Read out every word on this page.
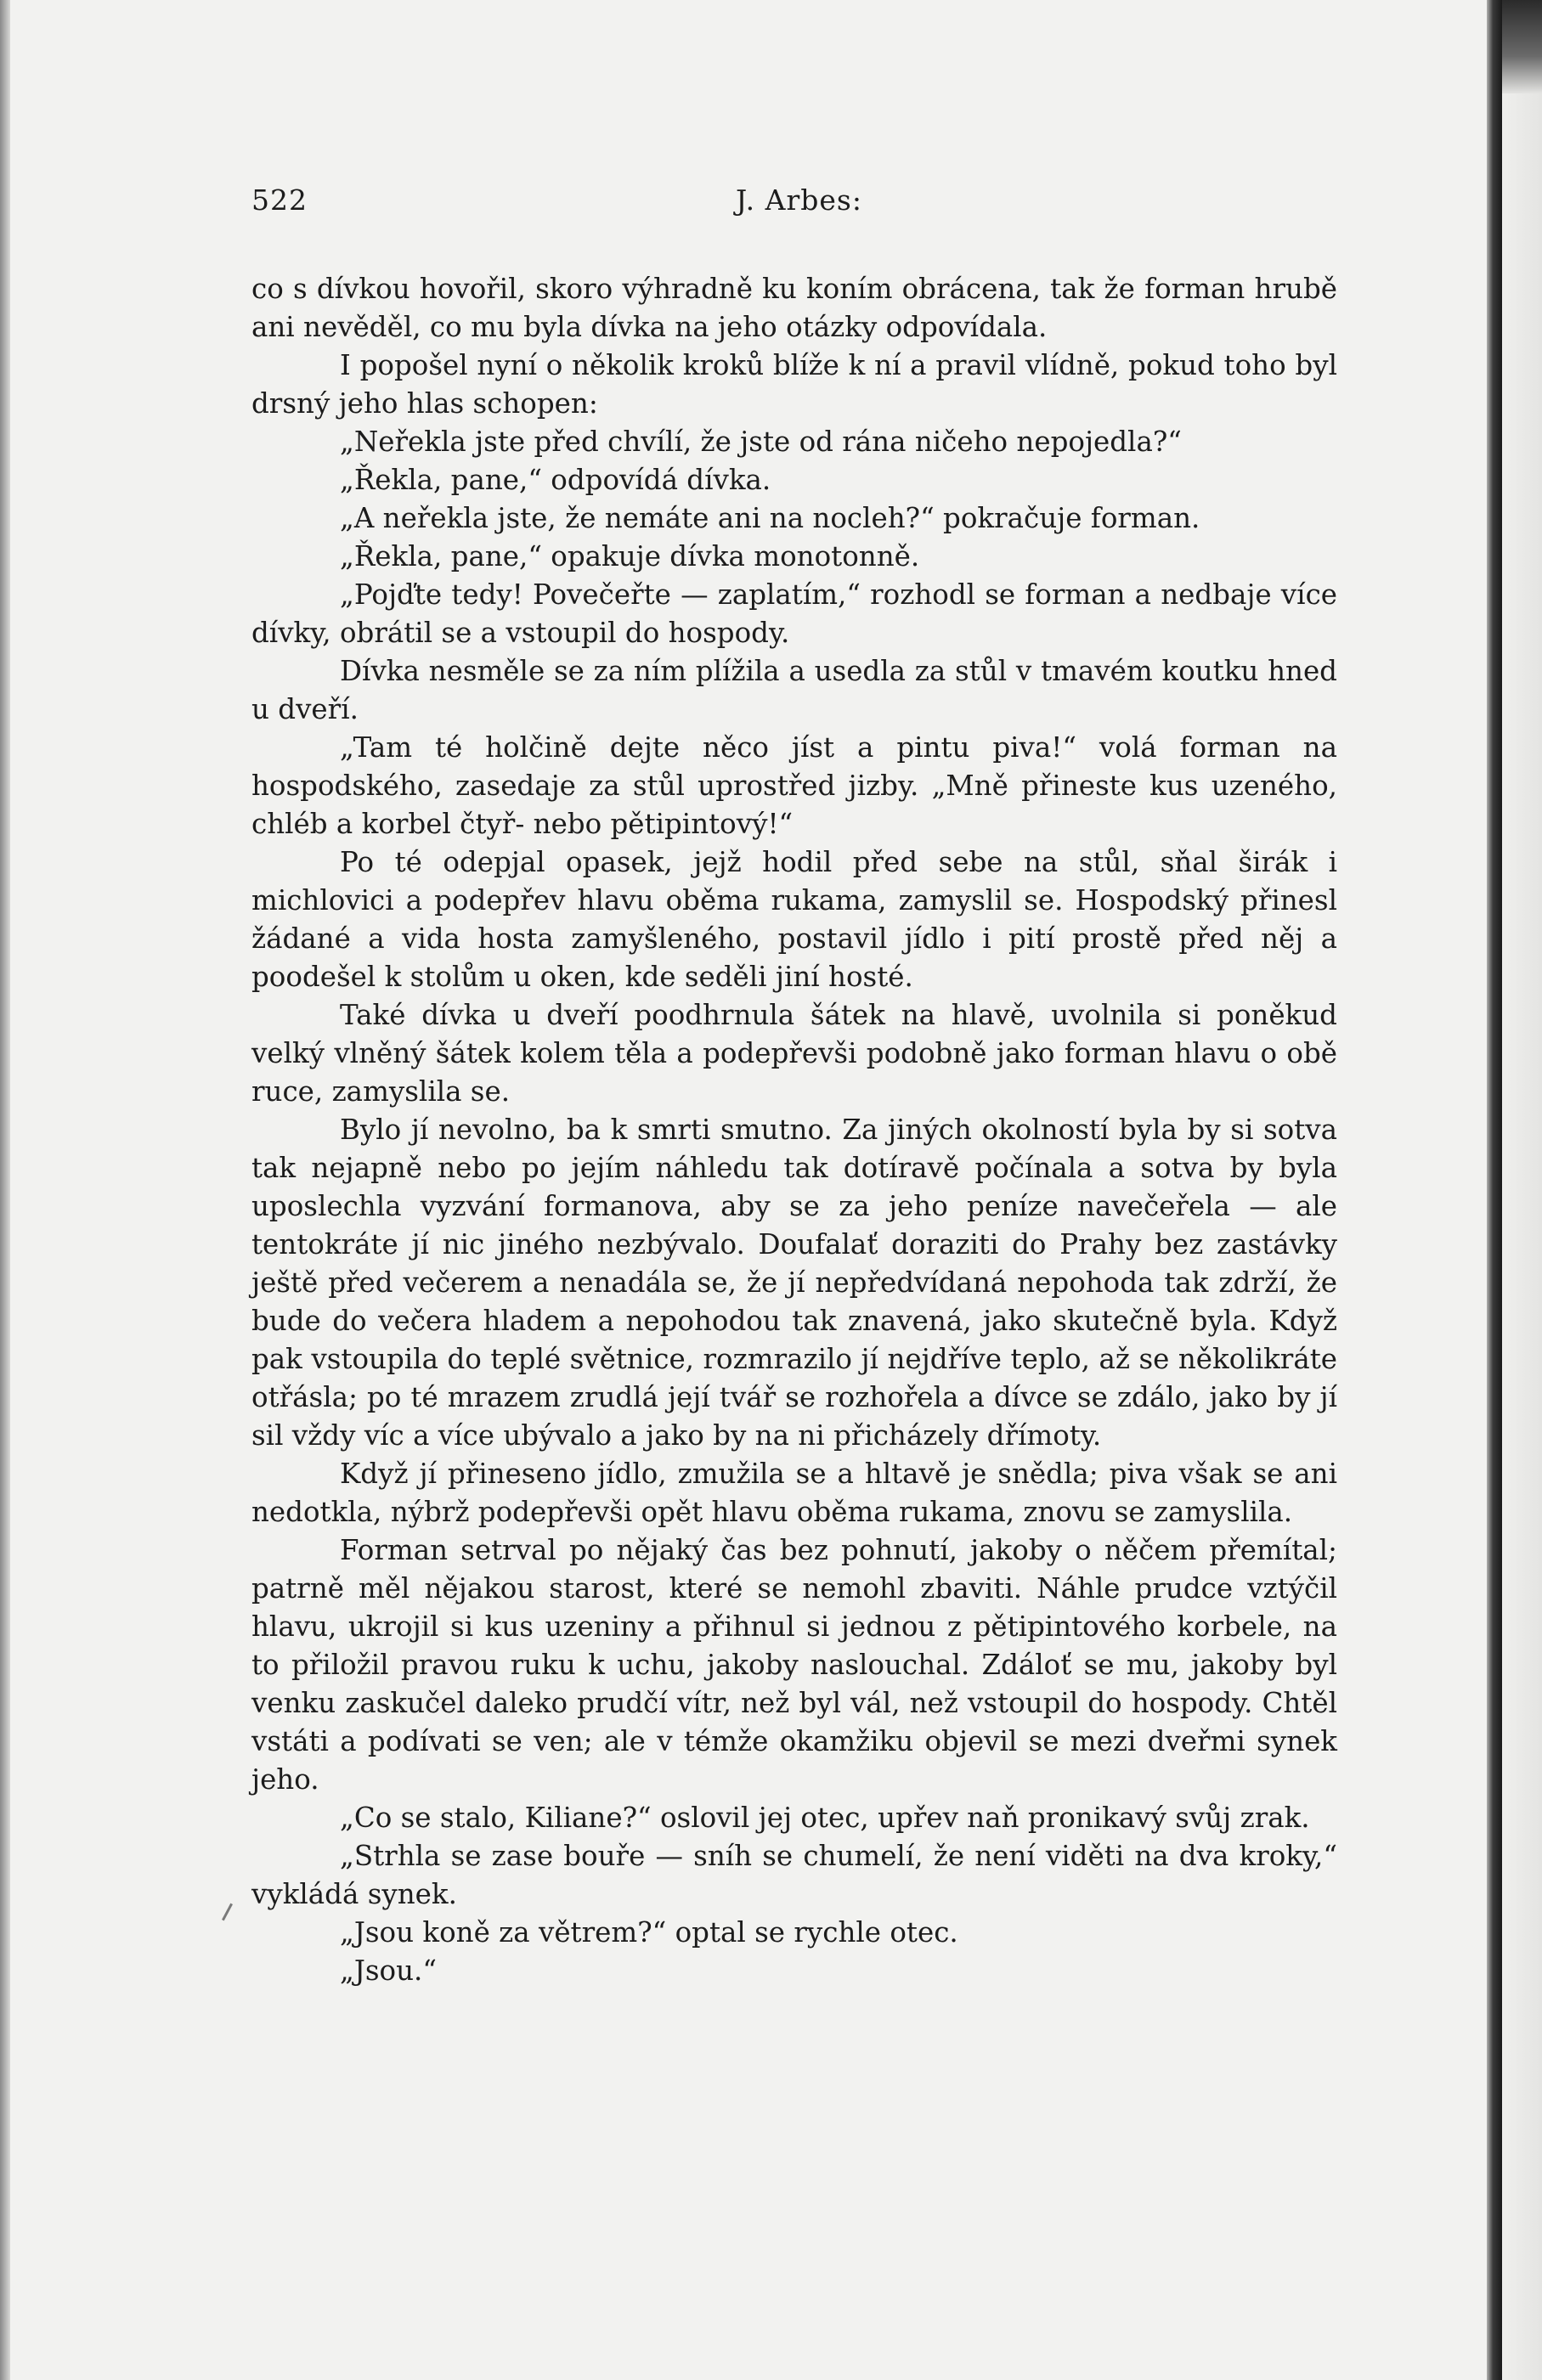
522	J. Arbes:

co s dívkou hovořil, skoro výhradně ku koním obrácena, tak že forman hrubě ani nevěděl, co mu byla dívka na jeho otázky odpovídala.

I popošel nyní o několik kroků blíže k ní a pravil vlídně, pokud toho byl drsný jeho hlas schopen:

„Neřekla jste před chvílí, že jste od rána ničeho nepojedla?“

„Řekla, pane,“ odpovídá dívka.

„A neřekla jste, že nemáte ani na nocleh?“ pokračuje forman.

„Řekla, pane,“ opakuje dívka monotonně.

„Pojďte tedy! Povečeřte — zaplatím,“ rozhodl se forman a nedbaje více dívky, obrátil se a vstoupil do hospody.

Dívka nesměle se za ním plížila a usedla za stůl v tmavém koutku hned u dveří.

„Tam té holčině dejte něco jíst a pintu piva!“ volá forman na hospodského, zasedaje za stůl uprostřed jizby. „Mně přineste kus uzeného, chléb a korbel čtyř- nebo pětipintový!“

Po té odepjal opasek, jejž hodil před sebe na stůl, sňal širák i michlovici a podepřev hlavu oběma rukama, zamyslil se. Hospodský přinesl žádané a vida hosta zamyšleného, postavil jídlo i pití prostě před něj a poodešel k stolům u oken, kde seděli jiní hosté.

Také dívka u dveří poodhrnula šátek na hlavě, uvolnila si poněkud velký vlněný šátek kolem těla a podepřevši podobně jako forman hlavu o obě ruce, zamyslila se.

Bylo jí nevolno, ba k smrti smutno. Za jiných okolností byla by si sotva tak nejapně nebo po jejím náhledu tak dotíravě počínala a sotva by byla uposlechla vyzvání formanova, aby se za jeho peníze navečeřela — ale tentokráte jí nic jiného nezbývalo. Doufalať doraziti do Prahy bez zastávky ještě před večerem a nenadála se, že jí nepředvídaná nepohoda tak zdrží, že bude do večera hladem a nepohodou tak znavená, jako skutečně byla. Když pak vstoupila do teplé světnice, rozmrazilo jí nejdříve teplo, až se několikráte otřásla; po té mrazem zrudlá její tvář se rozhořela a dívce se zdálo, jako by jí sil vždy víc a více ubývalo a jako by na ni přicházely dřímoty.

Když jí přineseno jídlo, zmužila se a hltavě je snědla; piva však se ani nedotkla, nýbrž podepřevši opět hlavu oběma rukama, znovu se zamyslila.

Forman setrval po nějaký čas bez pohnutí, jakoby o něčem přemítal; patrně měl nějakou starost, které se nemohl zbaviti. Náhle prudce vztýčil hlavu, ukrojil si kus uzeniny a přihnul si jednou z pětipintového korbele, na to přiložil pravou ruku k uchu, jakoby naslouchal. Zdáloť se mu, jakoby byl venku zaskučel daleko prudčí vítr, než byl vál, než vstoupil do hospody. Chtěl vstáti a podívati se ven; ale v témže okamžiku objevil se mezi dveřmi synek jeho.

„Co se stalo, Kiliane?“ oslovil jej otec, upřev naň pronikavý svůj zrak.

„Strhla se zase bouře — sníh se chumelí, že není viděti na dva kroky,“ vykládá synek.

„Jsou koně za větrem?“ optal se rychle otec.

„Jsou.“
